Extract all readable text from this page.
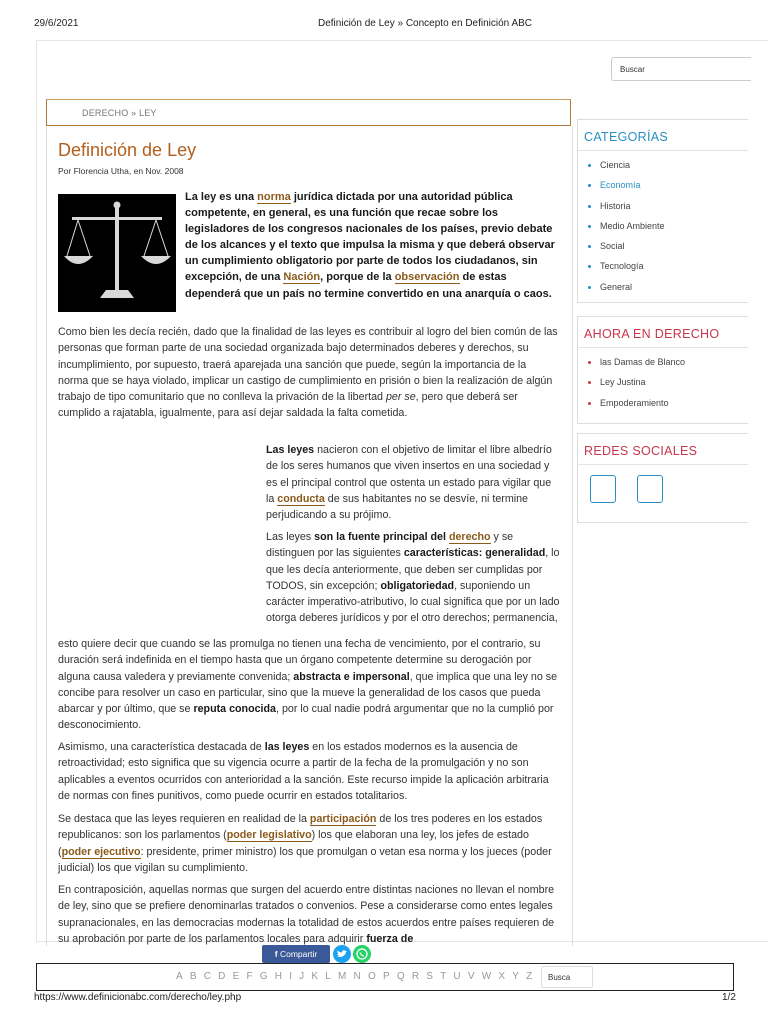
29/6/2021	Definición de Ley » Concepto en Definición ABC
Buscar
DERECHO » LEY
Definición de Ley
Por Florencia Utha, en Nov. 2008
La ley es una norma jurídica dictada por una autoridad pública competente, en general, es una función que recae sobre los legisladores de los congresos nacionales de los países, previo debate de los alcances y el texto que impulsa la misma y que deberá observar un cumplimiento obligatorio por parte de todos los ciudadanos, sin excepción, de una Nación, porque de la observación de estas dependerá que un país no termine convertido en una anarquía o caos.
Como bien les decía recién, dado que la finalidad de las leyes es contribuir al logro del bien común de las personas que forman parte de una sociedad organizada bajo determinados deberes y derechos, su incumplimiento, por supuesto, traerá aparejada una sanción que puede, según la importancia de la norma que se haya violado, implicar un castigo de cumplimiento en prisión o bien la realización de algún trabajo de tipo comunitario que no conlleva la privación de la libertad per se, pero que deberá ser cumplido a rajatabla, igualmente, para así dejar saldada la falta cometida.
Las leyes nacieron con el objetivo de limitar el libre albedrío de los seres humanos que viven insertos en una sociedad y es el principal control que ostenta un estado para vigilar que la conducta de sus habitantes no se desvíe, ni termine perjudicando a su prójimo.
Las leyes son la fuente principal del derecho y se distinguen por las siguientes características: generalidad, lo que les decía anteriormente, que deben ser cumplidas por TODOS, sin excepción; obligatoriedad, suponiendo un carácter imperativo-atributivo, lo cual significa que por un lado otorga deberes jurídicos y por el otro derechos; permanencia,
esto quiere decir que cuando se las promulga no tienen una fecha de vencimiento, por el contrario, su duración será indefinida en el tiempo hasta que un órgano competente determine su derogación por alguna causa valedera y previamente convenida; abstracta e impersonal, que implica que una ley no se concibe para resolver un caso en particular, sino que la mueve la generalidad de los casos que pueda abarcar y por último, que se reputa conocida, por lo cual nadie podrá argumentar que no la cumplió por desconocimiento.
Asimismo, una característica destacada de las leyes en los estados modernos es la ausencia de retroactividad; esto significa que su vigencia ocurre a partir de la fecha de la promulgación y no son aplicables a eventos ocurridos con anterioridad a la sanción. Este recurso impide la aplicación arbitraria de normas con fines punitivos, como puede ocurrir en estados totalitarios.
Se destaca que las leyes requieren en realidad de la participación de los tres poderes en los estados republicanos: son los parlamentos (poder legislativo) los que elaboran una ley, los jefes de estado (poder ejecutivo: presidente, primer ministro) los que promulgan o vetan esa norma y los jueces (poder judicial) los que vigilan su cumplimiento.
En contraposición, aquellas normas que surgen del acuerdo entre distintas naciones no llevan el nombre de ley, sino que se prefiere denominarlas tratados o convenios. Pese a considerarse como entes legales supranacionales, en las democracias modernas la totalidad de estos acuerdos entre países requieren de su aprobación por parte de los parlamentos locales para adquirir fuerza de
CATEGORÍAS
Ciencia
Economía
Historia
Medio Ambiente
Social
Tecnología
General
AHORA EN DERECHO
las Damas de Blanco
Ley Justina
Empoderamiento
REDES SOCIALES
f Compartir
ABCDEFGHIJKLMNOPQRSTUVWXYZ	Busca
https://www.definicionabc.com/derecho/ley.php	1/2
